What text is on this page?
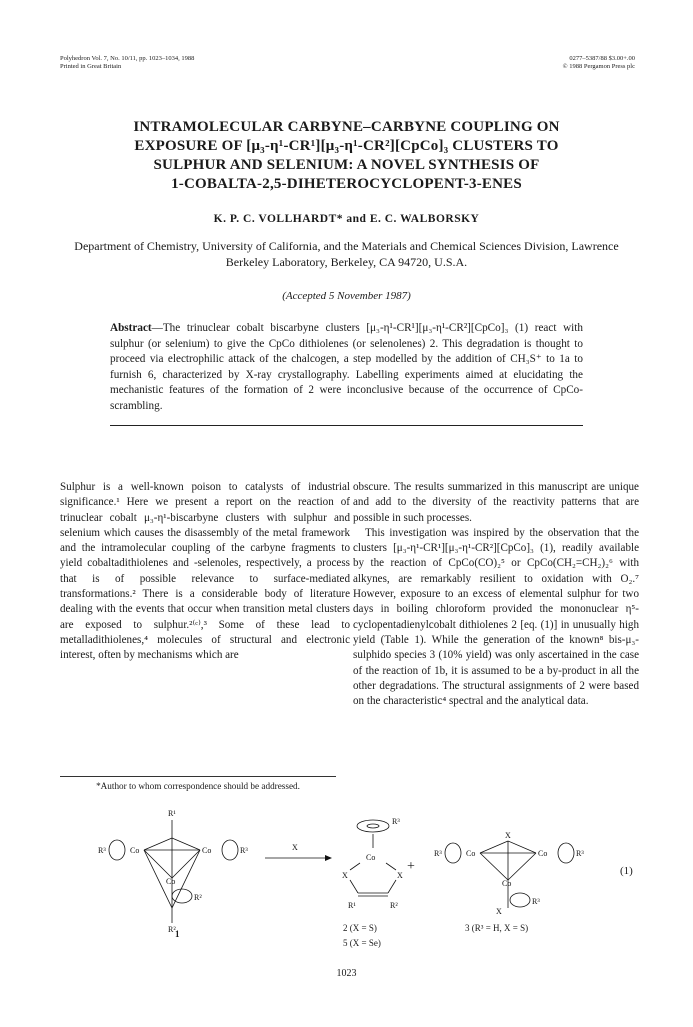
Polyhedron Vol. 7, No. 10/11, pp. 1023–1034, 1988
Printed in Great Britain
0277–5387/88 $3.00+.00
© 1988 Pergamon Press plc
INTRAMOLECULAR CARBYNE–CARBYNE COUPLING ON
EXPOSURE OF [μ₃-η¹-CR¹][μ₃-η¹-CR²][CpCo]₃ CLUSTERS TO
SULPHUR AND SELENIUM: A NOVEL SYNTHESIS OF
1-COBALTA-2,5-DIHETEROCYCLOPENT-3-ENES
K. P. C. VOLLHARDT* and E. C. WALBORSKY
Department of Chemistry, University of California, and the Materials and Chemical Sciences Division, Lawrence Berkeley Laboratory, Berkeley, CA 94720, U.S.A.
(Accepted 5 November 1987)
Abstract—The trinuclear cobalt biscarbyne clusters [μ₃-η¹-CR¹][μ₃-η¹-CR²][CpCo]₃ (1) react with sulphur (or selenium) to give the CpCo dithiolenes (or selenolenes) 2. This degradation is thought to proceed via electrophilic attack of the chalcogen, a step modelled by the addition of CH₃S⁺ to 1a to furnish 6, characterized by X-ray crystallography. Labelling experiments aimed at elucidating the mechanistic features of the formation of 2 were inconclusive because of the occurrence of CpCo-scrambling.

Sulphur is a well-known poison to catalysts of industrial significance.¹ Here we present a report on the reaction of trinuclear cobalt μ₃-η¹-biscarbyne clusters with sulphur and selenium which causes the disassembly of the metal framework and the intramolecular coupling of the carbyne fragments to yield cobaltadithiolenes and -selenoles, respectively, a process that is of possible relevance to surface-mediated transformations.² There is a considerable body of literature dealing with the events that occur when transition metal clusters are exposed to sulphur.²⁽ᶜ⁾,³ Some of these lead to metalladithiolenes,⁴ molecules of structural and electronic interest, often by mechanisms which are

obscure. The results summarized in this manuscript are unique and add to the diversity of the reactivity patterns that are possible in such processes.

This investigation was inspired by the observation that the clusters [μ₃-η¹-CR¹][μ₃-η¹-CR²][CpCo]₃ (1), readily available by the reaction of CpCo(CO)₂⁵ or CpCo(CH₂=CH₂)₂⁶ with alkynes, are remarkably resilient to oxidation with O₂.⁷ However, exposure to an excess of elemental sulphur for two days in boiling chloroform provided the mononuclear η⁵-cyclopentadienylcobalt dithiolenes 2 [eq. (1)] in unusually high yield (Table 1). While the generation of the known⁸ bis-μ₃-sulphido species 3 (10% yield) was only ascertained in the case of the reaction of 1b, it is assumed to be a by-product in all the other degradations. The structural assignments of 2 were based on the characteristic⁴ spectral and the analytical data.

*Author to whom correspondence should be addressed.
R¹
Co	Co
Co
R³	R³
R²
R²
X
R³
Co
X	X
R¹	R²
+
X
Co	Co
Co
R³	R³
R³
X
1
2 (X = S)
5 (X = Se)
3 (R³ = H, X = S)
(1)
1023
